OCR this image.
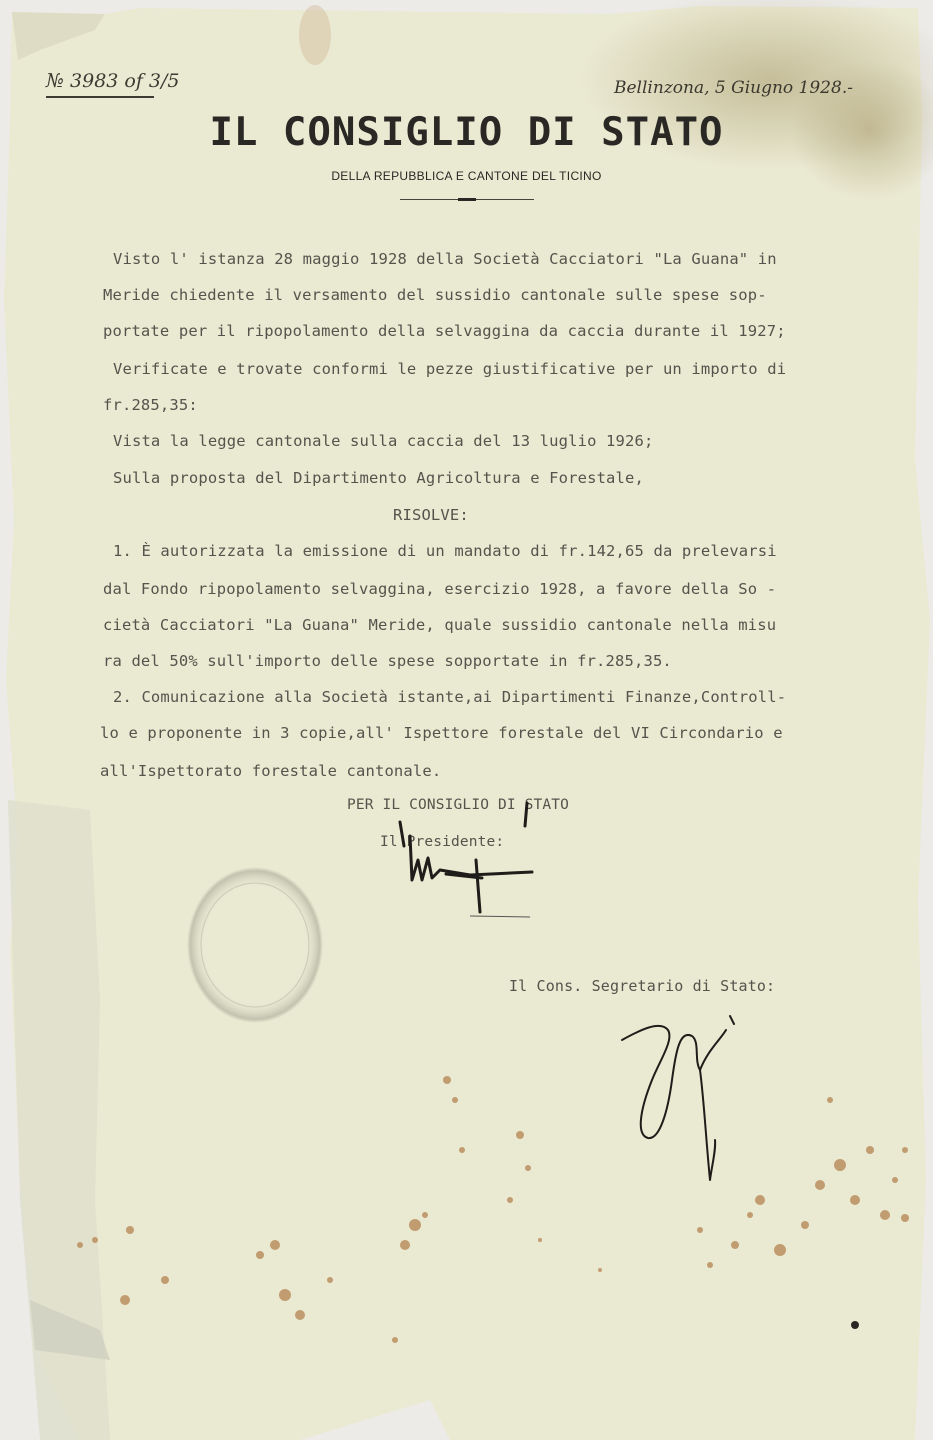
№ 3983 of 3/5	Bellinzona, 5 Giugno 1928.-
IL CONSIGLIO DI STATO
DELLA REPUBBLICA E CANTONE DEL TICINO
Visto l' istanza 28 maggio 1928 della Società Cacciatori "La Guana" in
Meride chiedente il versamento del sussidio cantonale sulle spese sop-
portate per il ripopolamento della selvaggina da caccia durante il 1927;
Verificate e trovate conformi le pezze giustificative per un importo di
fr.285,35:
Vista la legge cantonale sulla caccia del 13 luglio 1926;
Sulla proposta del Dipartimento Agricoltura e Forestale,
RISOLVE:
1. È autorizzata la emissione di un mandato di fr.142,65 da prelevarsi
dal Fondo ripopolamento selvaggina, esercizio 1928, a favore della So -
cietà Cacciatori "La Guana" Meride, quale sussidio cantonale nella misu
ra del 50% sull'importo delle spese sopportate in fr.285,35.
2. Comunicazione alla Società istante,ai Dipartimenti Finanze,Controll-
lo e proponente in 3 copie,all' Ispettore forestale del VI Circondario e
all'Ispettorato forestale cantonale.
PER IL CONSIGLIO DI STATO
Il Presidente:
Il Cons. Segretario di Stato:
